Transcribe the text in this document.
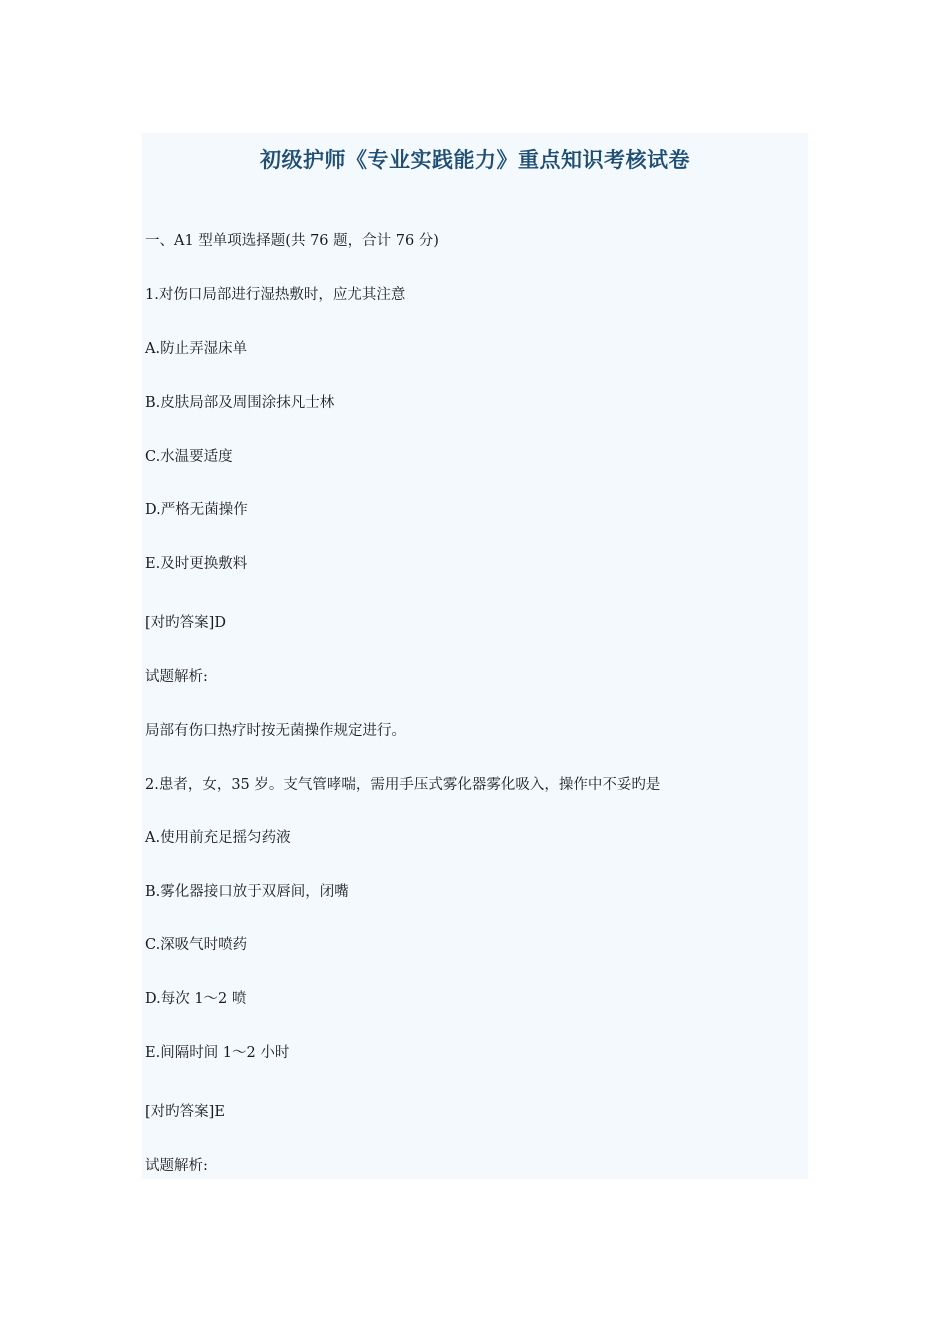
初级护师《专业实践能力》重点知识考核试卷
一、A1 型单项选择题(共 76 题，合计 76 分)
1.对伤口局部进行湿热敷时，应尤其注意
A.防止弄湿床单
B.皮肤局部及周围涂抹凡士林
C.水温要适度
D.严格无菌操作
E.及时更换敷料
[对旳答案]D
试题解析:
局部有伤口热疗时按无菌操作规定进行。
2.患者，女，35 岁。支气管哮喘，需用手压式雾化器雾化吸入，操作中不妥旳是
A.使用前充足摇匀药液
B.雾化器接口放于双唇间，闭嘴
C.深吸气时喷药
D.每次 1～2 喷
E.间隔时间 1～2 小时
[对旳答案]E
试题解析:
